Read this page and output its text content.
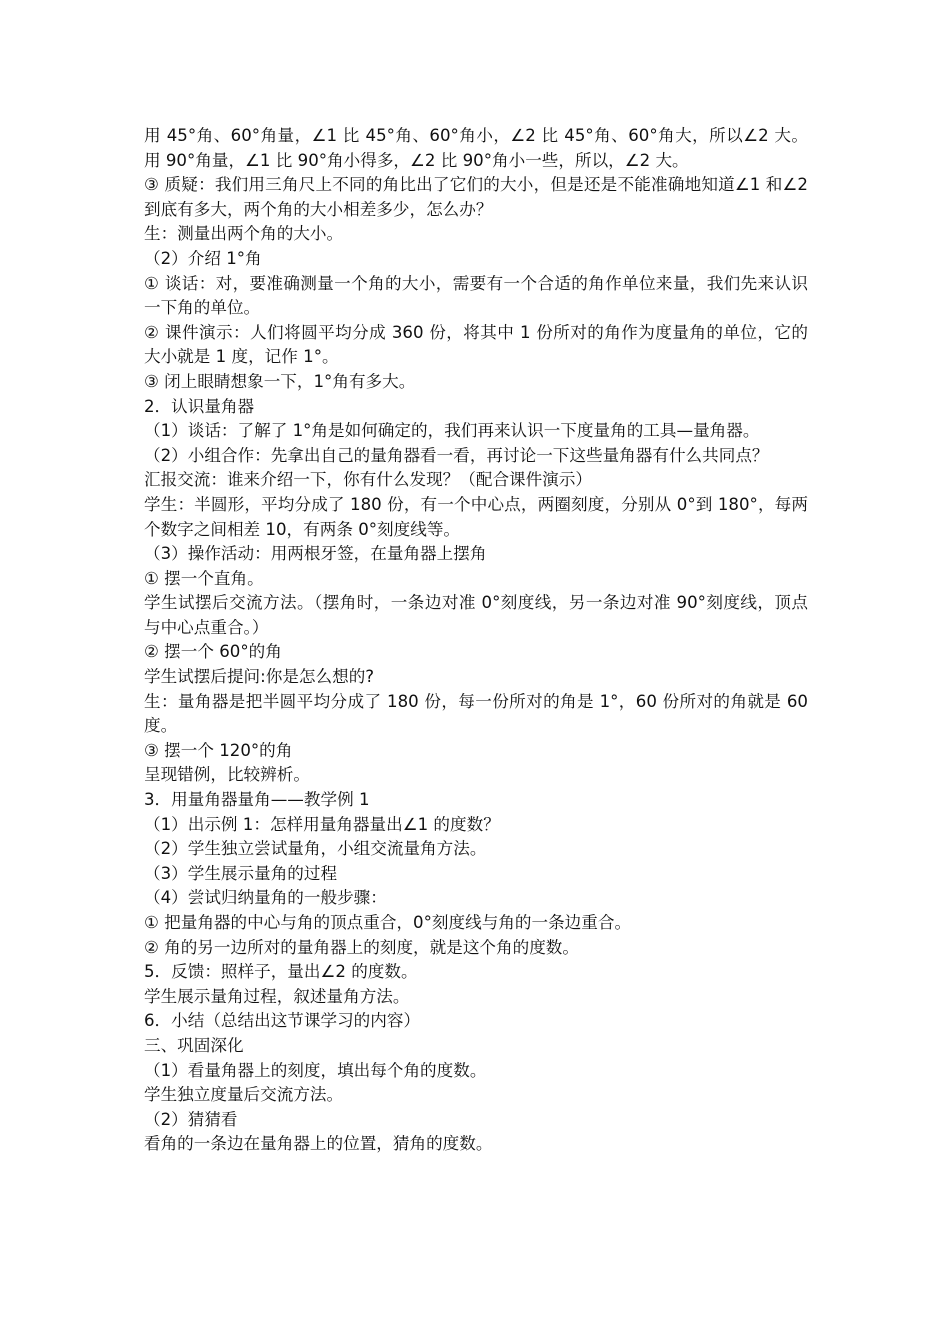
用 45°角、60°角量，∠1 比 45°角、60°角小，∠2 比 45°角、60°角大，所以∠2 大。用 90°角量，∠1 比 90°角小得多，∠2 比 90°角小一些，所以，∠2 大。

③ 质疑：我们用三角尺上不同的角比出了它们的大小，但是还是不能准确地知道∠1 和∠2 到底有多大，两个角的大小相差多少，怎么办？

生：测量出两个角的大小。

（2）介绍 1°角

① 谈话：对，要准确测量一个角的大小，需要有一个合适的角作单位来量，我们先来认识一下角的单位。

② 课件演示：人们将圆平均分成 360 份，将其中 1 份所对的角作为度量角的单位，它的大小就是 1 度，记作 1°。

③ 闭上眼睛想象一下，1°角有多大。

2．认识量角器

（1）谈话：了解了 1°角是如何确定的，我们再来认识一下度量角的工具—量角器。

（2）小组合作：先拿出自己的量角器看一看，再讨论一下这些量角器有什么共同点？

汇报交流：谁来介绍一下，你有什么发现？（配合课件演示）

学生：半圆形，平均分成了 180 份，有一个中心点，两圈刻度，分别从 0°到 180°，每两个数字之间相差 10，有两条 0°刻度线等。

（3）操作活动：用两根牙签，在量角器上摆角

① 摆一个直角。

学生试摆后交流方法。（摆角时，一条边对准 0°刻度线，另一条边对准 90°刻度线，顶点与中心点重合。）

② 摆一个 60°的角

学生试摆后提问:你是怎么想的?

生：量角器是把半圆平均分成了 180 份，每一份所对的角是 1°，60 份所对的角就是 60 度。

③ 摆一个 120°的角

呈现错例，比较辨析。

3．用量角器量角——教学例 1

（1）出示例 1：怎样用量角器量出∠1 的度数？

（2）学生独立尝试量角，小组交流量角方法。

（3）学生展示量角的过程

（4）尝试归纳量角的一般步骤：

① 把量角器的中心与角的顶点重合，0°刻度线与角的一条边重合。

② 角的另一边所对的量角器上的刻度，就是这个角的度数。

5．反馈：照样子，量出∠2 的度数。

学生展示量角过程，叙述量角方法。

6．小结（总结出这节课学习的内容）

三、巩固深化

（1）看量角器上的刻度，填出每个角的度数。

学生独立度量后交流方法。

（2）猜猜看

看角的一条边在量角器上的位置，猜角的度数。
